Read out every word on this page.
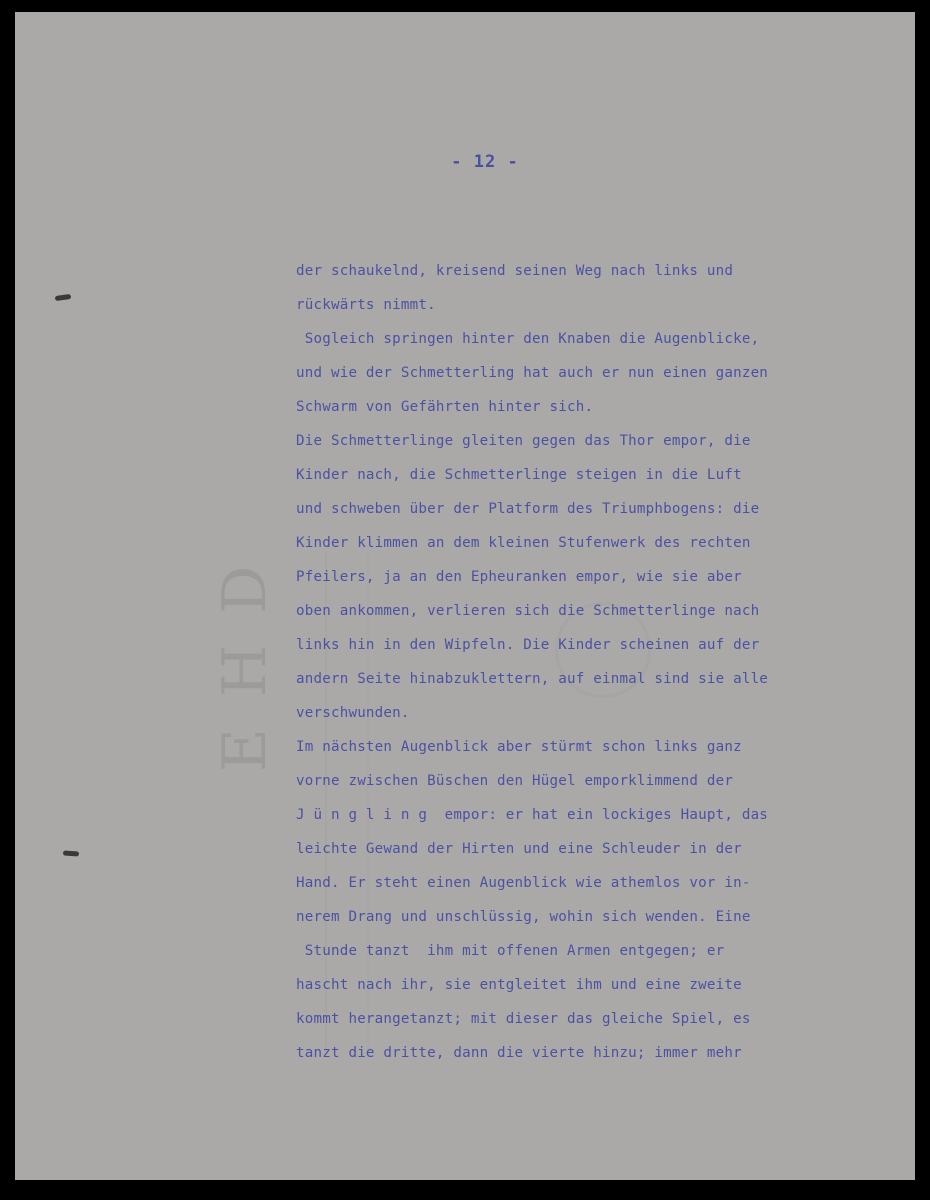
E H D
- 12 -
der schaukelnd, kreisend seinen Weg nach links und
rückwärts nimmt.
Sogleich springen hinter den Knaben die Augenblicke,
und wie der Schmetterling hat auch er nun einen ganzen
Schwarm von Gefährten hinter sich.
Die Schmetterlinge gleiten gegen das Thor empor, die
Kinder nach, die Schmetterlinge steigen in die Luft
und schweben über der Platform des Triumphbogens: die
Kinder klimmen an dem kleinen Stufenwerk des rechten
Pfeilers, ja an den Epheuranken empor, wie sie aber
oben ankommen, verlieren sich die Schmetterlinge nach
links hin in den Wipfeln. Die Kinder scheinen auf der
andern Seite hinabzuklettern, auf einmal sind sie alle
verschwunden.
Im nächsten Augenblick aber stürmt schon links ganz
vorne zwischen Büschen den Hügel emporklimmend der
J ü n g l i n g  empor: er hat ein lockiges Haupt, das
leichte Gewand der Hirten und eine Schleuder in der
Hand. Er steht einen Augenblick wie athemlos vor in-
nerem Drang und unschlüssig, wohin sich wenden. Eine
Stunde tanzt  ihm mit offenen Armen entgegen; er
hascht nach ihr, sie entgleitet ihm und eine zweite
kommt herangetanzt; mit dieser das gleiche Spiel, es
tanzt die dritte, dann die vierte hinzu; immer mehr
